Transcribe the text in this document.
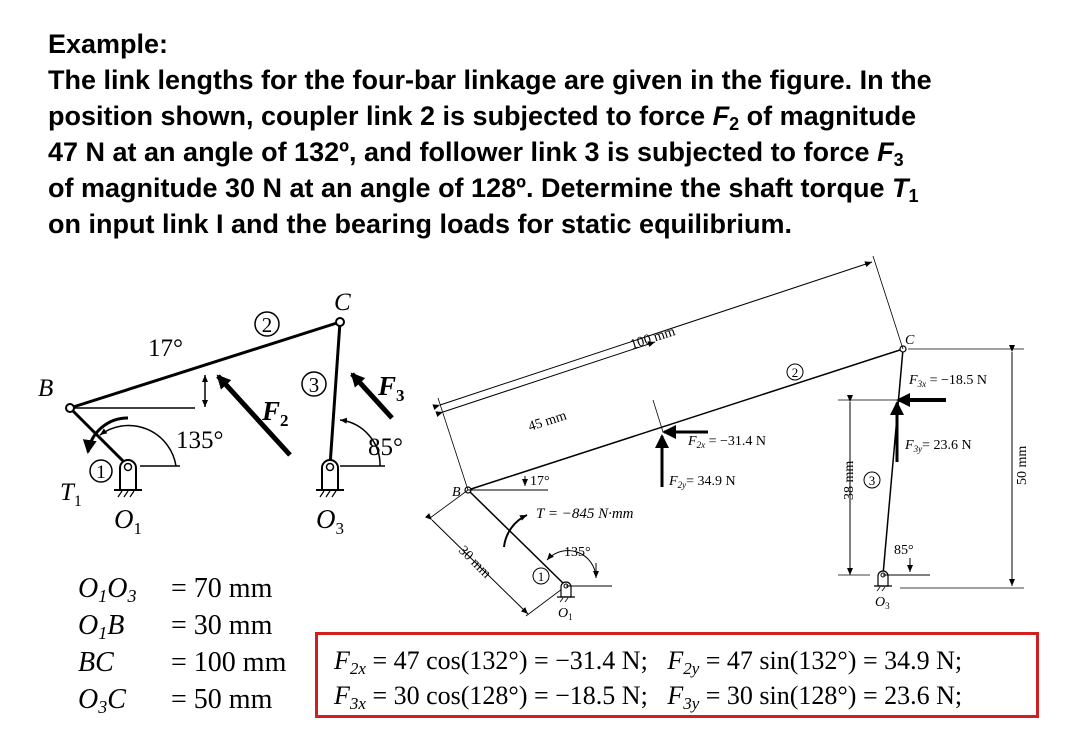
Example:
The link lengths for the four-bar linkage are given in the figure. In the
position shown, coupler link 2 is subjected to force $F_2$ of magnitude
47 N at an angle of 132º, and follower link 3 is subjected to force $F_3$
of magnitude 30 N at an angle of 128º. Determine the shaft torque $T_1$
on input link I and the bearing loads for static equilibrium.
2
3
1
B
C
17°
135°	85°
$T_1$
$O_1$	$O_3$
$F_2$
$F_3$
1
2
3
100 mm
45 mm
30 mm
38 mm	50 mm
B
C
$O_1$
$O_3$
17°
135°	85°
T = −845 N·mm
$F_{2x} = -31.4$ N
$F_{2y}= 34.9$ N
$F_{3x} = -18.5$ N
$F_{3y}= 23.6$ N
$O_1O_3 = 70$ mm
$O_1B = 30$ mm
BC = 100 mm
$O_3C = 50$ mm
$F_{2x} = 47$ cos(132°) = −31.4 N;   $F_{2y} = 47$ sin(132°) = 34.9 N;
$F_{3x} = 30$ cos(128°) = −18.5 N;   $F_{3y} = 30$ sin(128°) = 23.6 N;
